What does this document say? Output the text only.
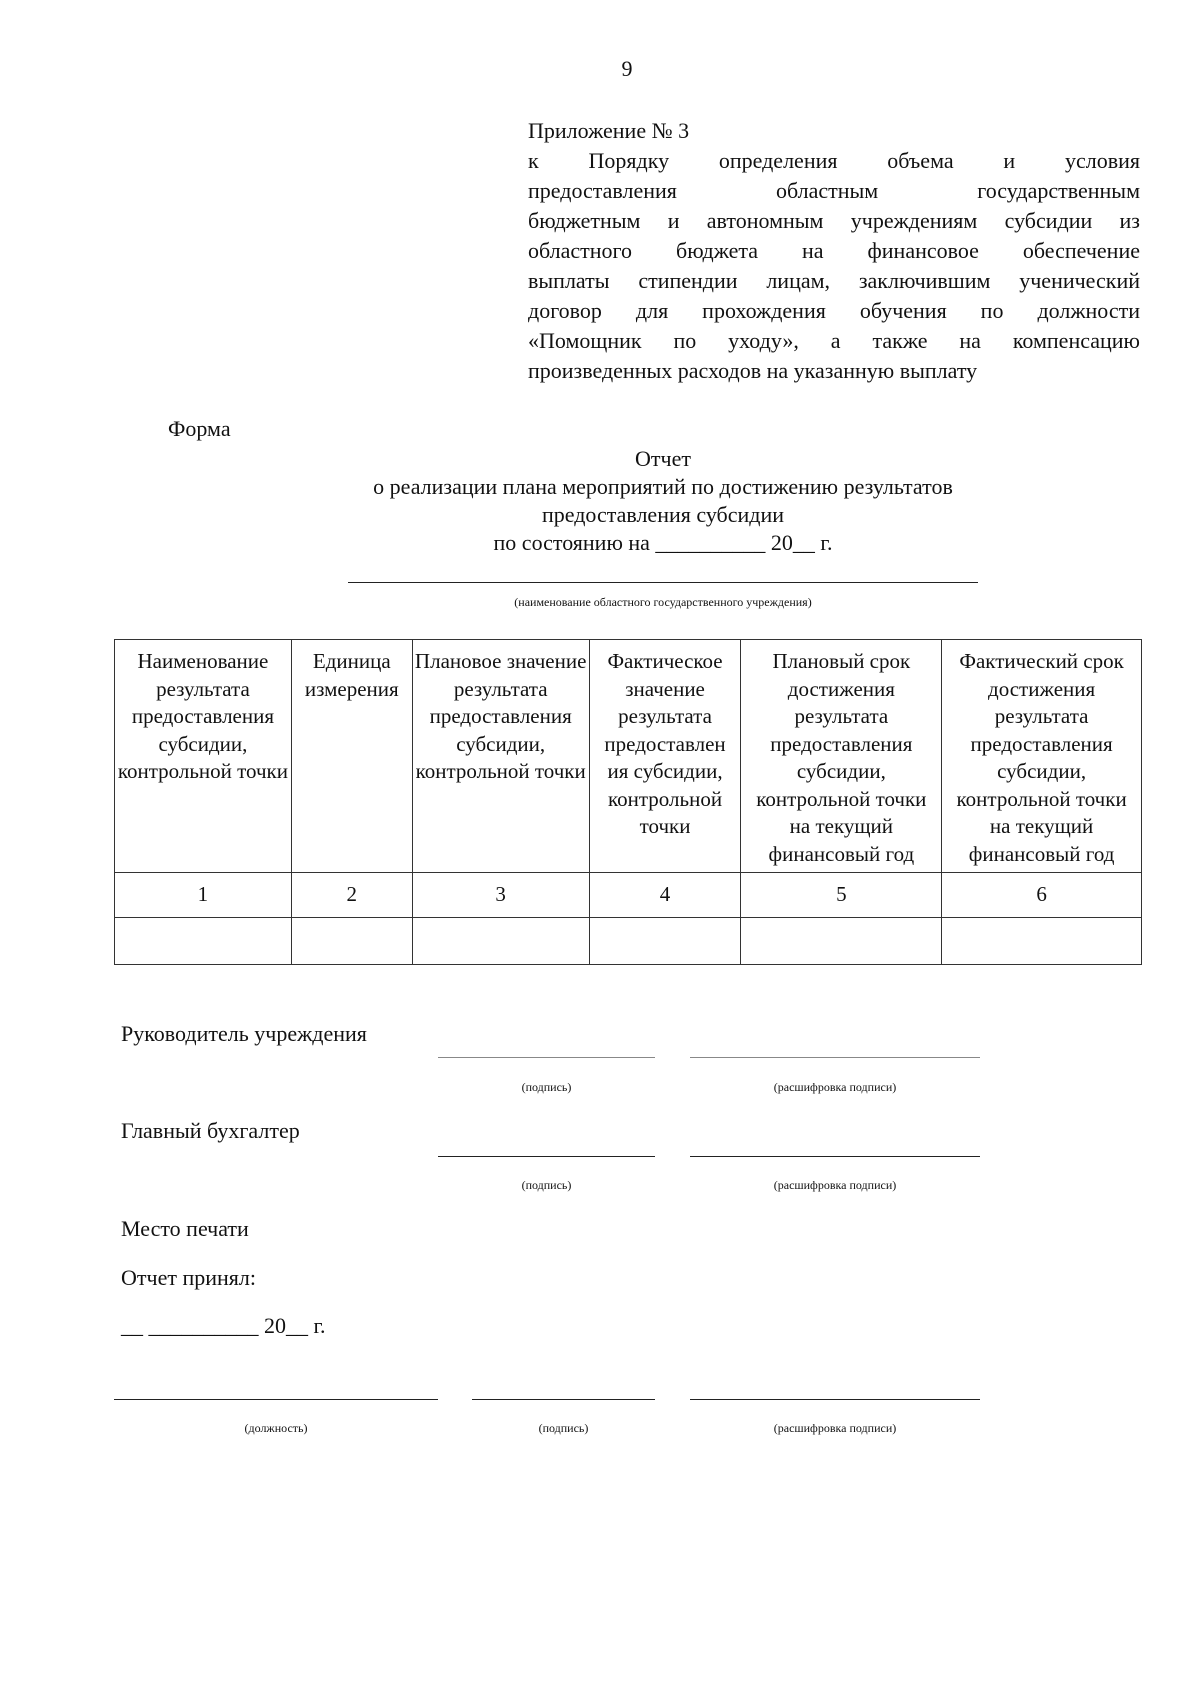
9
Приложение № 3
к Порядку определения объема и условия
предоставления областным государственным
бюджетным и автономным учреждениям субсидии из
областного бюджета на финансовое обеспечение
выплаты стипендии лицам, заключившим ученический
договор для прохождения обучения по должности
«Помощник по уходу», а также на компенсацию
произведенных расходов на указанную выплату
Форма
Отчет
о реализации плана мероприятий по достижению результатов
предоставления субсидии
по состоянию на __________ 20__ г.
(наименование областного государственного учреждения)
Наименование результата предоставления субсидии, контрольной точки	Единица измерения	Плановое значение результата предоставления субсидии, контрольной точки	Фактическое значение результата предоставлен ия субсидии, контрольной точки	Плановый срок достижения результата предоставления субсидии, контрольной точки на текущий финансовый год	Фактический срок достижения результата предоставления субсидии, контрольной точки на текущий финансовый год
1	2	3	4	5	6

Руководитель учреждения
(подпись)	(расшифровка подписи)
Главный бухгалтер
(подпись)	(расшифровка подписи)
Место печати
Отчет принял:
__ __________ 20__ г.
(должность)	(подпись)	(расшифровка подписи)
